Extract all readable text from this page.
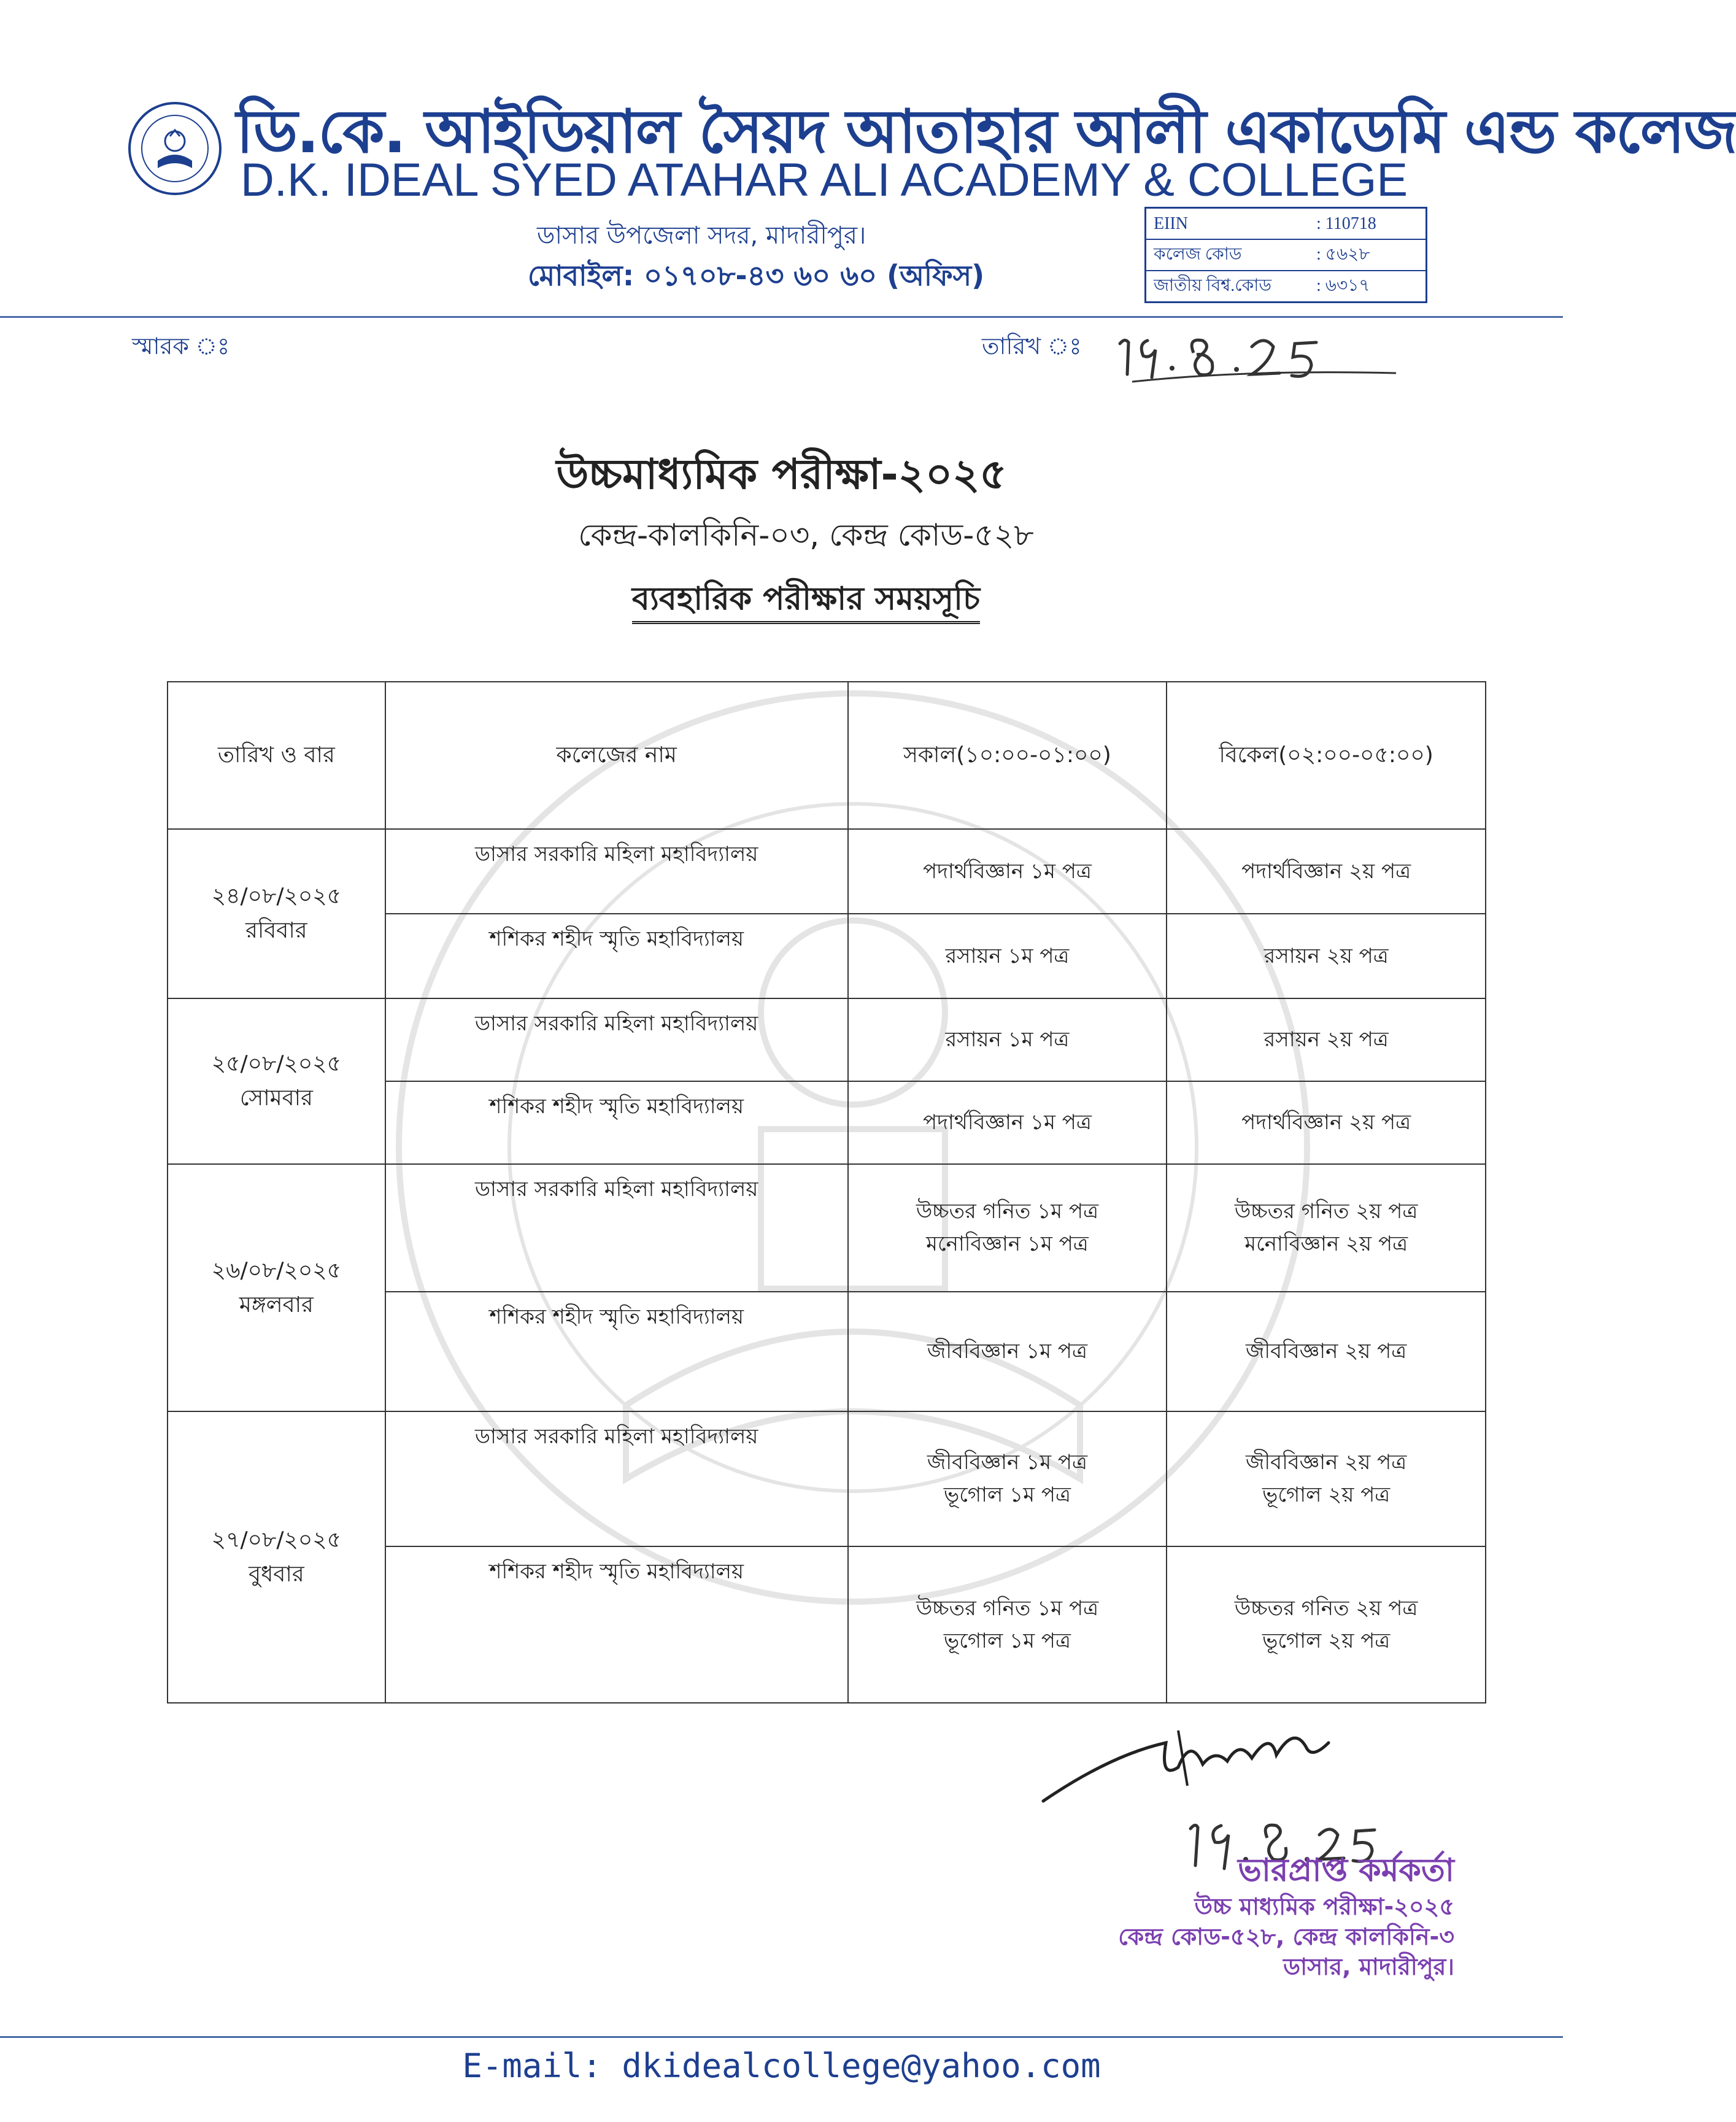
ডি.কে. আইডিয়াল সৈয়দ আতাহার আলী একাডেমি এন্ড কলেজ
D.K. IDEAL SYED ATAHAR ALI ACADEMY & COLLEGE
ডাসার উপজেলা সদর, মাদারীপুর।
মোবাইল: ০১৭০৮-৪৩ ৬০ ৬০ (অফিস)
EIIN	: 110718
কলেজ কোড	: ৫৬২৮
জাতীয় বিশ্ব.কোড	: ৬৩১৭
স্মারক ঃ	তারিখ ঃ
উচ্চমাধ্যমিক পরীক্ষা-২০২৫
কেন্দ্র-কালকিনি-০৩, কেন্দ্র কোড-৫২৮
ব্যবহারিক পরীক্ষার সময়সূচি
তারিখ ও বার	কলেজের নাম	সকাল(১০:০০-০১:০০)	বিকেল(০২:০০-০৫:০০)

২৪/০৮/২০২৫
রবিবার	ডাসার সরকারি মহিলা মহাবিদ্যালয়	পদার্থবিজ্ঞান ১ম পত্র	পদার্থবিজ্ঞান ২য় পত্র

	শশিকর শহীদ স্মৃতি মহাবিদ্যালয়	রসায়ন ১ম পত্র	রসায়ন ২য় পত্র

২৫/০৮/২০২৫
সোমবার	ডাসার সরকারি মহিলা মহাবিদ্যালয়	রসায়ন ১ম পত্র	রসায়ন ২য় পত্র

	শশিকর শহীদ স্মৃতি মহাবিদ্যালয়	পদার্থবিজ্ঞান ১ম পত্র	পদার্থবিজ্ঞান ২য় পত্র

২৬/০৮/২০২৫
মঙ্গলবার	ডাসার সরকারি মহিলা মহাবিদ্যালয়	উচ্চতর গনিত ১ম পত্র
মনোবিজ্ঞান ১ম পত্র	উচ্চতর গনিত ২য় পত্র
মনোবিজ্ঞান ২য় পত্র

	শশিকর শহীদ স্মৃতি মহাবিদ্যালয়	জীববিজ্ঞান ১ম পত্র	জীববিজ্ঞান ২য় পত্র

২৭/০৮/২০২৫
বুধবার	ডাসার সরকারি মহিলা মহাবিদ্যালয়	জীববিজ্ঞান ১ম পত্র
ভূগোল ১ম পত্র	জীববিজ্ঞান ২য় পত্র
ভূগোল ২য় পত্র

	শশিকর শহীদ স্মৃতি মহাবিদ্যালয়	উচ্চতর গনিত ১ম পত্র
ভূগোল ১ম পত্র	উচ্চতর গনিত ২য় পত্র
ভূগোল ২য় পত্র
ভারপ্রাপ্ত কর্মকর্তা
উচ্চ মাধ্যমিক পরীক্ষা-২০২৫
কেন্দ্র কোড-৫২৮, কেন্দ্র কালকিনি-৩
ডাসার, মাদারীপুর।
E-mail: dkidealcollege@yahoo.com
